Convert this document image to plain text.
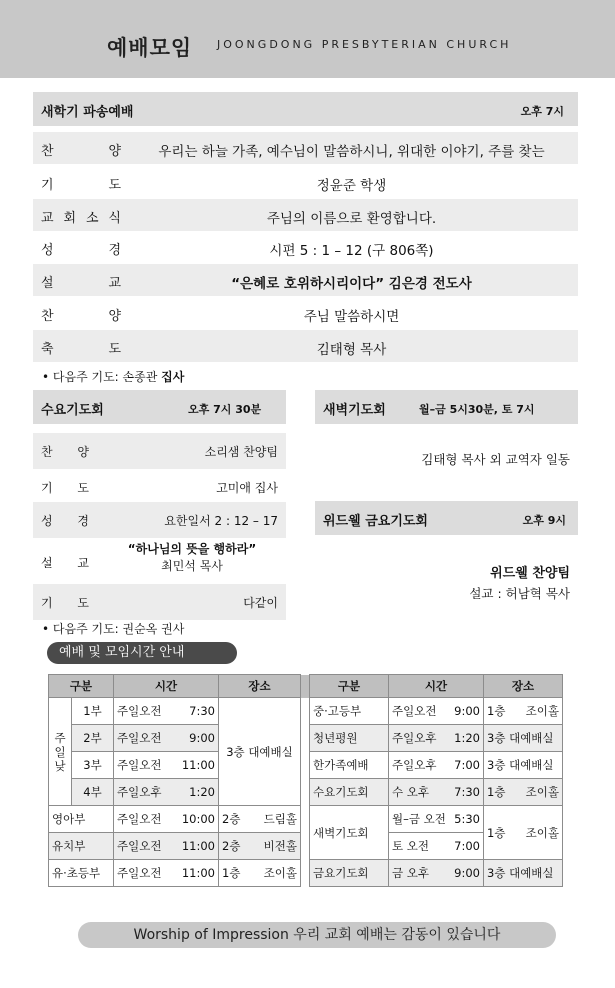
예배모임 JOONGDONG PRESBYTERIAN CHURCH
새학기 파송예배	오후 7시
찬	양	우리는 하늘 가족, 예수님이 말씀하시니, 위대한 이야기, 주를 찾는
기	도	정윤준 학생
교 회 소 식	주님의 이름으로 환영합니다.
성	경	시편 5 : 1 – 12 (구 806쪽)
설	교	“은혜로 호위하시리이다” 김은경 전도사
찬	양	주님 말씀하시면
축	도	김태형 목사
• 다음주 기도: 손종관 집사
수요기도회	오후 7시 30분
찬 양	소리샘 찬양팀
기 도	고미애 집사
성 경	요한일서 2 : 12 – 17
설 교
“하나님의 뜻을 행하라”
최민석 목사
기 도	다같이
• 다음주 기도: 권순옥 권사
새벽기도회	월–금 5시30분, 토 7시
김태형 목사 외 교역자 일동
위드웰 금요기도회	오후 9시
위드웰 찬양팀
설교 : 허남혁 목사
예배 및 모임시간 안내
구분		시간		장소		구분	시간		장소
주
일
낮	1부	주일오전	7:30	3층 대예배실		중·고등부	주일오전	9:00	1층 조이홀
	2부	주일오전	9:00			청년평원	주일오후	1:20	3층 대예배실
	3부	주일오전	11:00			한가족예배	주일오후	7:00	3층 대예배실
	4부	주일오후	1:20			수요기도회	수 오후	7:30	1층 조이홀
영아부		주일오전	10:00	2층 드림홀		새벽기도회	월–금 오전	5:30	1층 조이홀
유치부		주일오전	11:00	2층 비전홀			토 오전	7:00	
유·초등부		주일오전	11:00	1층 조이홀		금요기도회	금 오후	9:00	3층 대예배실
Worship of Impression 우리 교회 예배는 감동이 있습니다
